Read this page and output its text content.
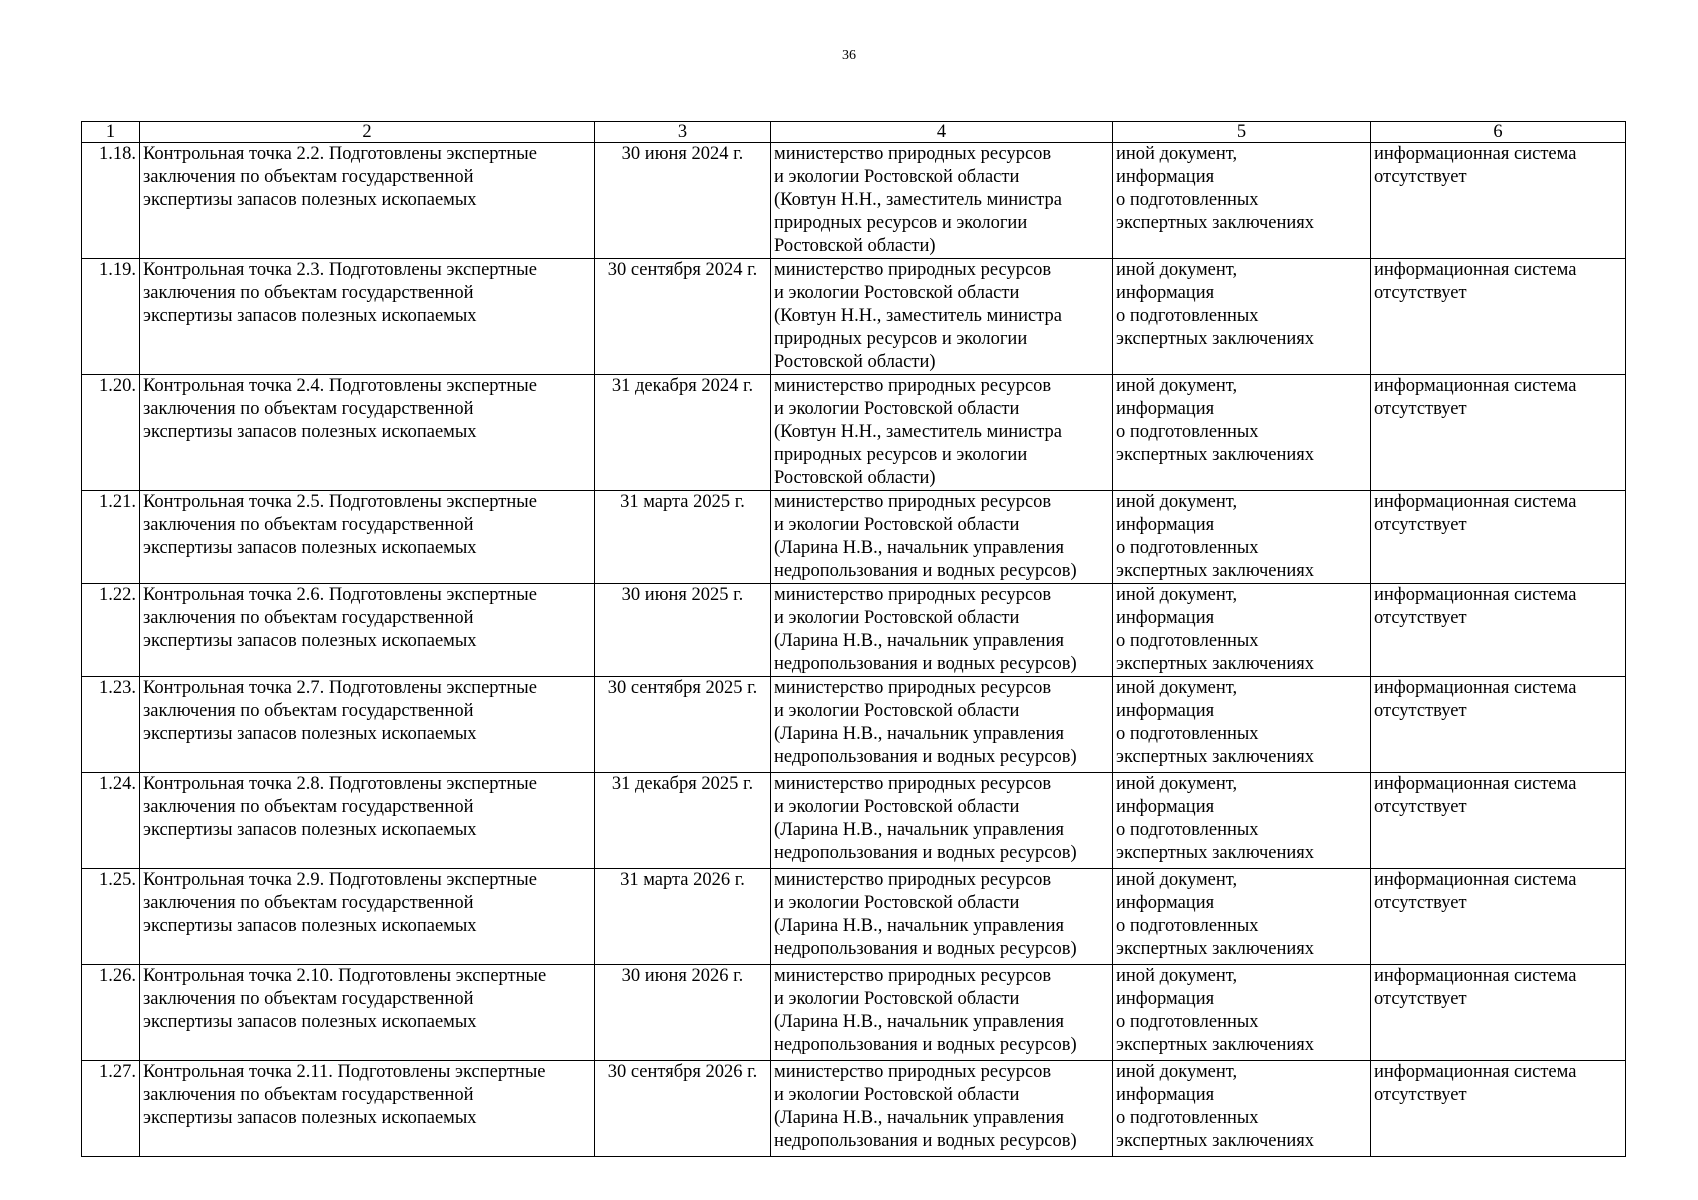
36
1	2	3	4	5	6
1.18.	Контрольная точка 2.2. Подготовлены экспертные
заключения по объектам государственной
экспертизы запасов полезных ископаемых	30 июня 2024 г.	министерство природных ресурсов
и экологии Ростовской области
(Ковтун Н.Н., заместитель министра
природных ресурсов и экологии
Ростовской области)	иной документ,
информация
о подготовленных
экспертных заключениях	информационная система
отсутствует

1.19.	Контрольная точка 2.3. Подготовлены экспертные
заключения по объектам государственной
экспертизы запасов полезных ископаемых	30 сентября 2024 г.	министерство природных ресурсов
и экологии Ростовской области
(Ковтун Н.Н., заместитель министра
природных ресурсов и экологии
Ростовской области)	иной документ,
информация
о подготовленных
экспертных заключениях	информационная система
отсутствует

1.20.	Контрольная точка 2.4. Подготовлены экспертные
заключения по объектам государственной
экспертизы запасов полезных ископаемых	31 декабря 2024 г.	министерство природных ресурсов
и экологии Ростовской области
(Ковтун Н.Н., заместитель министра
природных ресурсов и экологии
Ростовской области)	иной документ,
информация
о подготовленных
экспертных заключениях	информационная система
отсутствует

1.21.	Контрольная точка 2.5. Подготовлены экспертные
заключения по объектам государственной
экспертизы запасов полезных ископаемых	31 марта 2025 г.	министерство природных ресурсов
и экологии Ростовской области
(Ларина Н.В., начальник управления
недропользования и водных ресурсов)	иной документ,
информация
о подготовленных
экспертных заключениях	информационная система
отсутствует

1.22.	Контрольная точка 2.6. Подготовлены экспертные
заключения по объектам государственной
экспертизы запасов полезных ископаемых	30 июня 2025 г.	министерство природных ресурсов
и экологии Ростовской области
(Ларина Н.В., начальник управления
недропользования и водных ресурсов)	иной документ,
информация
о подготовленных
экспертных заключениях	информационная система
отсутствует

1.23.	Контрольная точка 2.7. Подготовлены экспертные
заключения по объектам государственной
экспертизы запасов полезных ископаемых	30 сентября 2025 г.	министерство природных ресурсов
и экологии Ростовской области
(Ларина Н.В., начальник управления
недропользования и водных ресурсов)	иной документ,
информация
о подготовленных
экспертных заключениях	информационная система
отсутствует

1.24.	Контрольная точка 2.8. Подготовлены экспертные
заключения по объектам государственной
экспертизы запасов полезных ископаемых	31 декабря 2025 г.	министерство природных ресурсов
и экологии Ростовской области
(Ларина Н.В., начальник управления
недропользования и водных ресурсов)	иной документ,
информация
о подготовленных
экспертных заключениях	информационная система
отсутствует

1.25.	Контрольная точка 2.9. Подготовлены экспертные
заключения по объектам государственной
экспертизы запасов полезных ископаемых	31 марта 2026 г.	министерство природных ресурсов
и экологии Ростовской области
(Ларина Н.В., начальник управления
недропользования и водных ресурсов)	иной документ,
информация
о подготовленных
экспертных заключениях	информационная система
отсутствует

1.26.	Контрольная точка 2.10. Подготовлены экспертные
заключения по объектам государственной
экспертизы запасов полезных ископаемых	30 июня 2026 г.	министерство природных ресурсов
и экологии Ростовской области
(Ларина Н.В., начальник управления
недропользования и водных ресурсов)	иной документ,
информация
о подготовленных
экспертных заключениях	информационная система
отсутствует

1.27.	Контрольная точка 2.11. Подготовлены экспертные
заключения по объектам государственной
экспертизы запасов полезных ископаемых	30 сентября 2026 г.	министерство природных ресурсов
и экологии Ростовской области
(Ларина Н.В., начальник управления
недропользования и водных ресурсов)	иной документ,
информация
о подготовленных
экспертных заключениях	информационная система
отсутствует
